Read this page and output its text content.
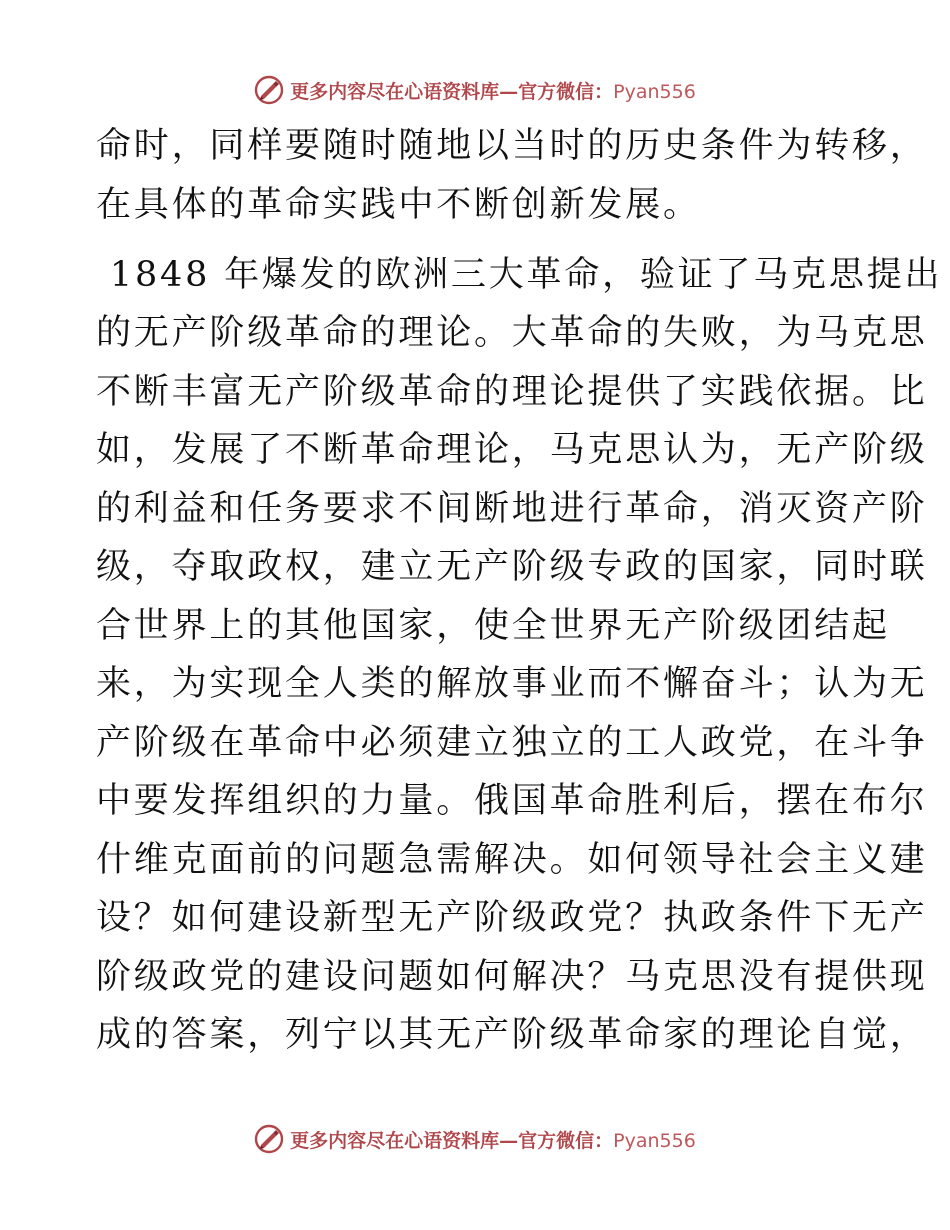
更多内容尽在心语资料库—官方微信：Pyan556
命时，同样要随时随地以当时的历史条件为转移，
在具体的革命实践中不断创新发展。
1848 年爆发的欧洲三大革命，验证了马克思提出
的无产阶级革命的理论。大革命的失败，为马克思
不断丰富无产阶级革命的理论提供了实践依据。比
如，发展了不断革命理论，马克思认为，无产阶级
的利益和任务要求不间断地进行革命，消灭资产阶
级，夺取政权，建立无产阶级专政的国家，同时联
合世界上的其他国家，使全世界无产阶级团结起
来，为实现全人类的解放事业而不懈奋斗；认为无
产阶级在革命中必须建立独立的工人政党，在斗争
中要发挥组织的力量。俄国革命胜利后，摆在布尔
什维克面前的问题急需解决。如何领导社会主义建
设？如何建设新型无产阶级政党？执政条件下无产
阶级政党的建设问题如何解决？马克思没有提供现
成的答案，列宁以其无产阶级革命家的理论自觉，
更多内容尽在心语资料库—官方微信：Pyan556
